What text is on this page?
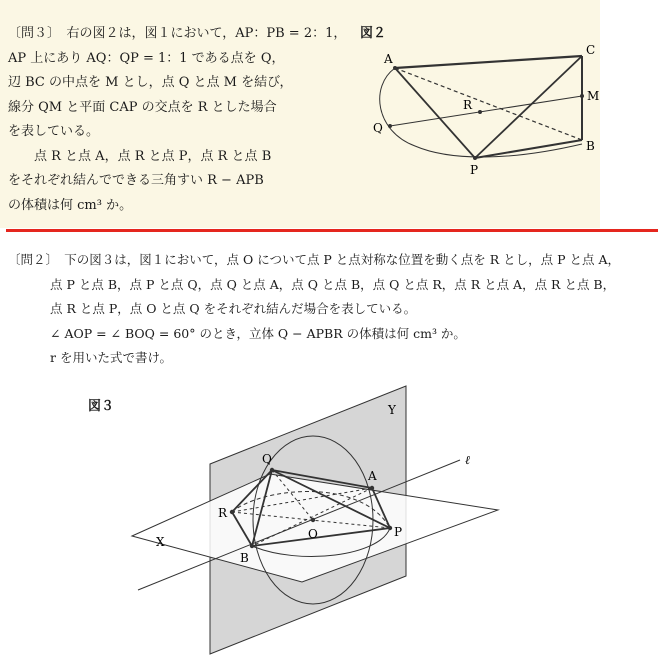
〔問３〕　右の図２は，図１において，AP：PB = 2：1，
AP 上にあり AQ：QP = 1：1 である点を Q，
辺 BC の中点を M とし，点 Q と点 M を結び，
線分 QM と平面 CAP の交点を R とした場合
を表している。
点 R と点 A，点 R と点 P，点 R と点 B
をそれぞれ結んでできる三角すい R − APB
の体積は何 cm³ か。
図２
A
C
M
R
Q
B
P
〔問２〕　下の図３は，図１において，点 O について点 P と点対称な位置を動く点を R とし，点 P と点 A，
点 P と点 B，点 P と点 Q，点 Q と点 A，点 Q と点 B，点 Q と点 R，点 R と点 A，点 R と点 B，
点 R と点 P，点 O と点 Q をそれぞれ結んだ場合を表している。
∠ AOP = ∠ BOQ = 60° のとき，立体 Q − APBR の体積は何 cm³ か。
r を用いた式で書け。
図３	Y
ℓ
Q
A
R
O	P
X
B
